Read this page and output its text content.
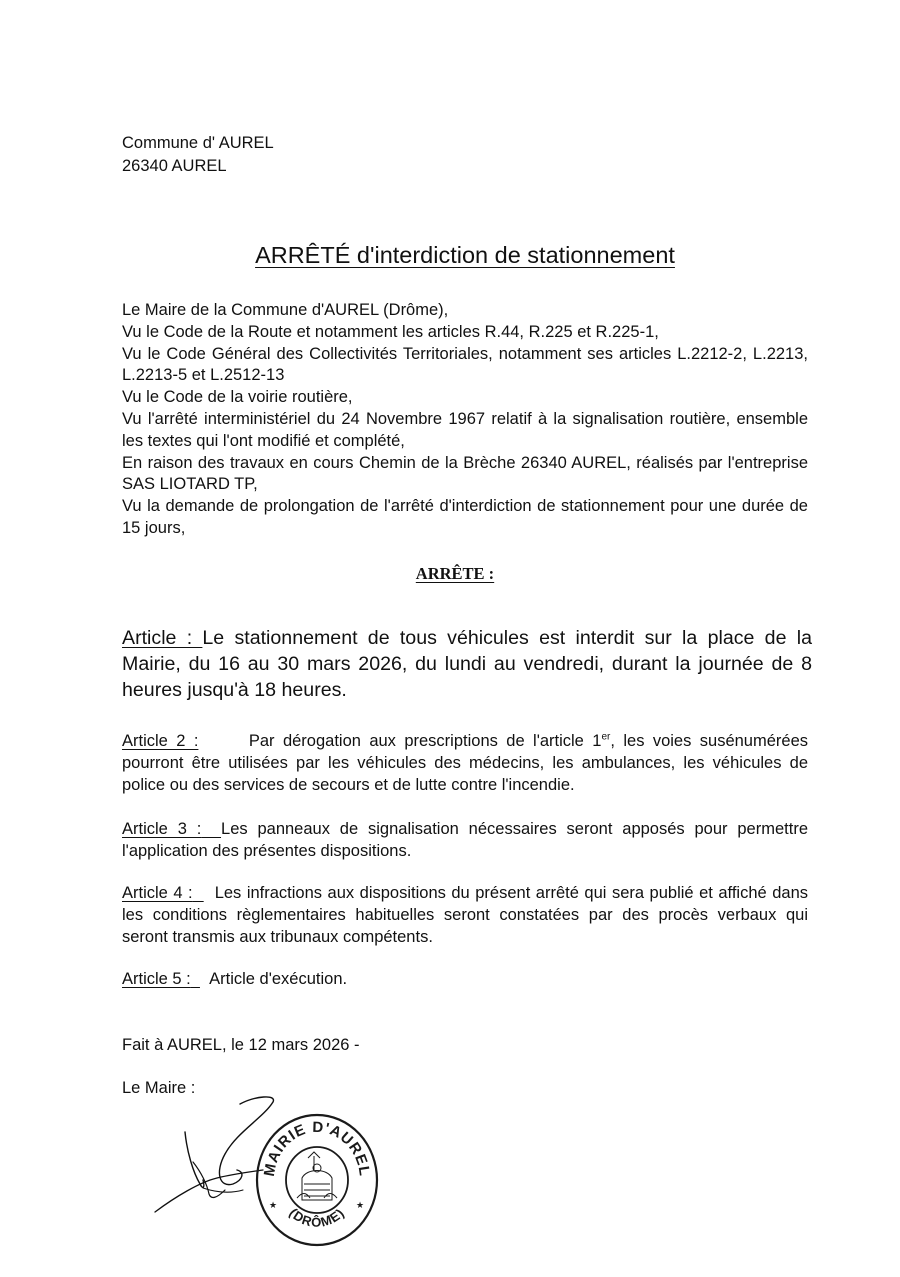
Commune d' AUREL
26340 AUREL
ARRÊTÉ d'interdiction de stationnement
Le Maire de la Commune d'AUREL (Drôme),
Vu le Code de la Route et notamment les articles R.44, R.225 et R.225-1,
Vu le Code Général des Collectivités Territoriales, notamment ses articles L.2212-2, L.2213, L.2213-5 et L.2512-13
Vu le Code de la voirie routière,
Vu l'arrêté interministériel du 24 Novembre 1967 relatif à la signalisation routière, ensemble les textes qui l'ont modifié et complété,
En raison des travaux en cours Chemin de la Brèche 26340 AUREL, réalisés par l'entreprise SAS LIOTARD TP,
Vu la demande de prolongation de l'arrêté d'interdiction de stationnement pour une durée de 15 jours,
ARRÊTE :
Article : Le stationnement de tous véhicules est interdit sur la place de la Mairie, du 16 au 30 mars 2026, du lundi au vendredi, durant la journée de 8 heures jusqu'à 18 heures.
Article 2 :	Par dérogation aux prescriptions de l'article 1er, les voies susénumérées pourront être utilisées par les véhicules des médecins, les ambulances, les véhicules de police ou des services de secours et de lutte contre l'incendie.
Article 3 : Les panneaux de signalisation nécessaires seront apposés pour permettre l'application des présentes dispositions.
Article 4 : Les infractions aux dispositions du présent arrêté qui sera publié et affiché dans les conditions règlementaires habituelles seront constatées par des procès verbaux qui seront transmis aux tribunaux compétents.
Article 5 : Article d'exécution.
Fait à AUREL, le 12 mars 2026 -
Le Maire :
MAIRIE D'AUREL
(DRÔME)
★	★
